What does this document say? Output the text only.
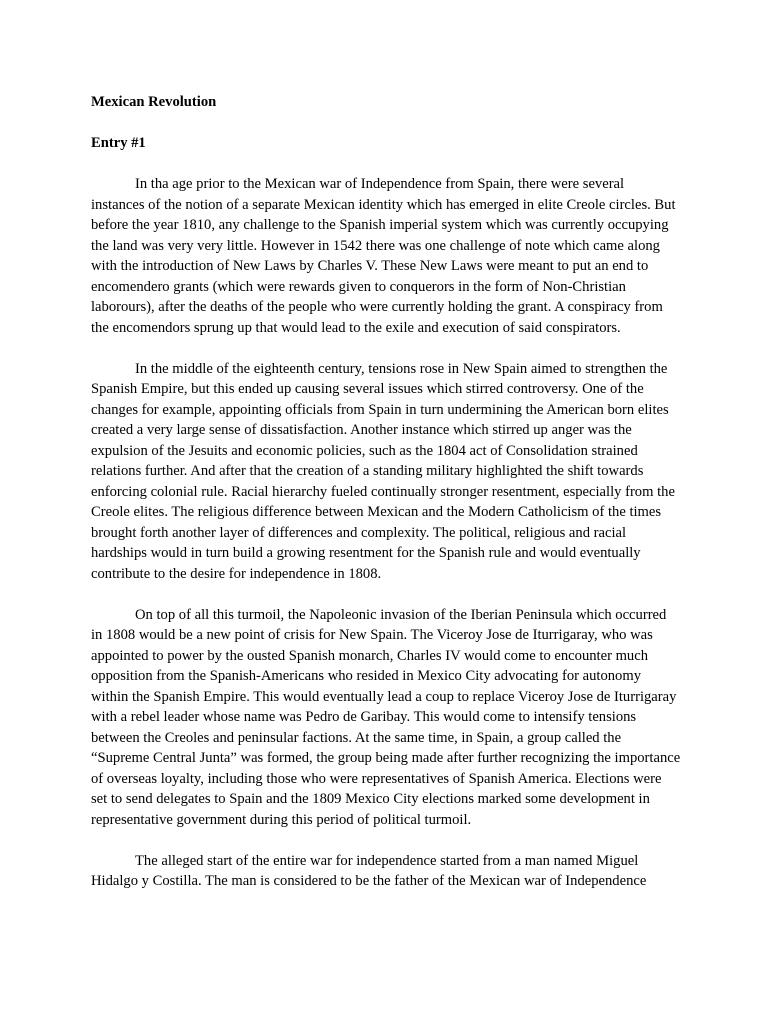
Mexican Revolution

Entry #1

In tha age prior to the Mexican war of Independence from Spain, there were several instances of the notion of a separate Mexican identity which has emerged in elite Creole circles. But before the year 1810, any challenge to the Spanish imperial system which was currently occupying the land was very very little. However in 1542 there was one challenge of note which came along with the introduction of New Laws by Charles V. These New Laws were meant to put an end to encomendero grants (which were rewards given to conquerors in the form of Non-Christian laborours), after the deaths of the people who were currently holding the grant. A conspiracy from the encomendors sprung up that would lead to the exile and execution of said conspirators.

In the middle of the eighteenth century, tensions rose in New Spain aimed to strengthen the Spanish Empire, but this ended up causing several issues which stirred controversy. One of the changes for example, appointing officials from Spain in turn undermining the American born elites created a very large sense of dissatisfaction. Another instance which stirred up anger was the expulsion of the Jesuits and economic policies, such as the 1804 act of Consolidation strained relations further. And after that the creation of a standing military highlighted the shift towards enforcing colonial rule. Racial hierarchy fueled continually stronger resentment, especially from the Creole elites. The religious difference between Mexican and the Modern Catholicism of the times brought forth another layer of differences and complexity. The political, religious and racial hardships would in turn build a growing resentment for the Spanish rule and would eventually contribute to the desire for independence in 1808.

On top of all this turmoil, the Napoleonic invasion of the Iberian Peninsula which occurred in 1808 would be a new point of crisis for New Spain. The Viceroy Jose de Iturrigaray, who was appointed to power by the ousted Spanish monarch, Charles IV would come to encounter much opposition from the Spanish-Americans who resided in Mexico City advocating for autonomy within the Spanish Empire. This would eventually lead a coup to replace Viceroy Jose de Iturrigaray with a rebel leader whose name was Pedro de Garibay. This would come to intensify tensions between the Creoles and peninsular factions. At the same time, in Spain, a group called the “Supreme Central Junta” was formed, the group being made after further recognizing the importance of overseas loyalty, including those who were representatives of Spanish America. Elections were set to send delegates to Spain and the 1809 Mexico City elections marked some development in representative government during this period of political turmoil.

The alleged start of the entire war for independence started from a man named Miguel Hidalgo y Costilla. The man is considered to be the father of the Mexican war of Independence
